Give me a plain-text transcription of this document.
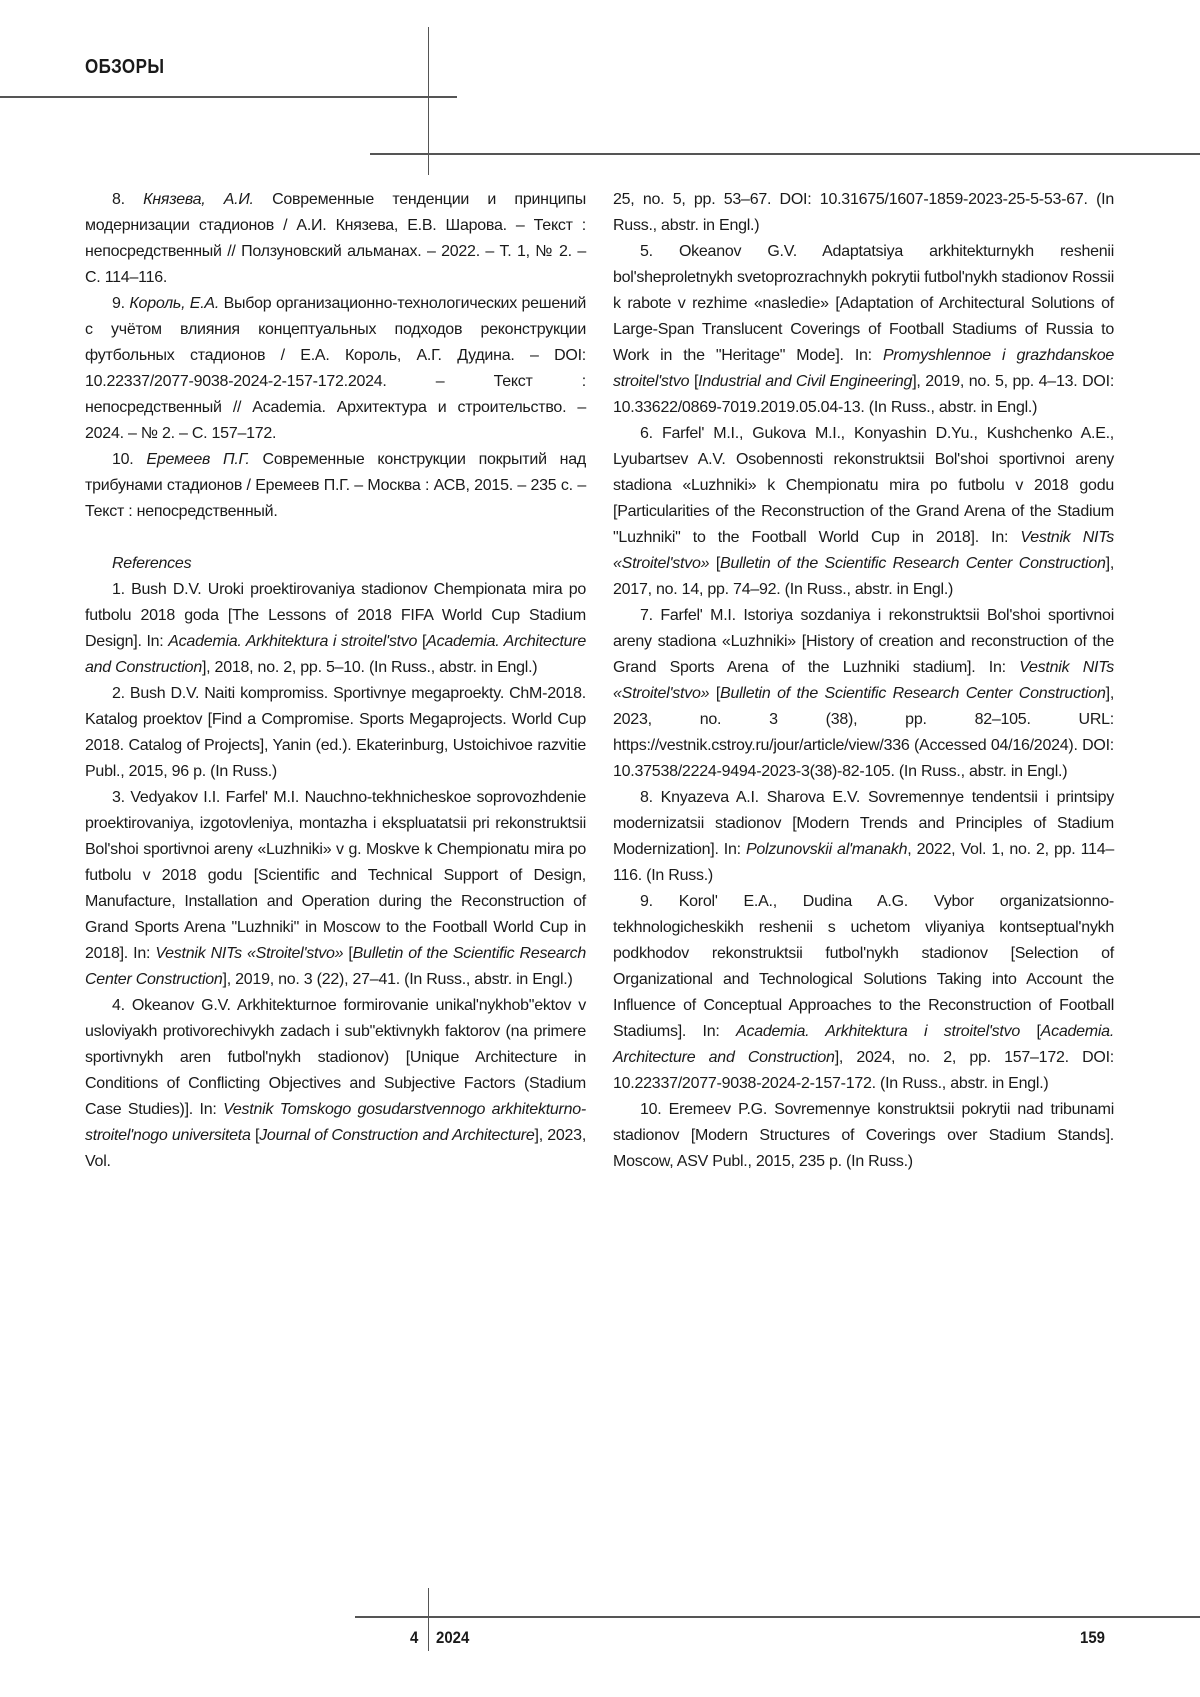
ОБЗОРЫ

8. Князева, А.И. Современные тенденции и принципы модернизации стадионов / А.И. Князева, Е.В. Шарова. – Текст : непосредственный // Ползуновский альманах. – 2022. – Т. 1, № 2. – С. 114–116.

9. Король, Е.А. Выбор организационно-технологических решений с учётом влияния концептуальных подходов реконструкции футбольных стадионов / Е.А. Король, А.Г. Дудина. – DOI: 10.22337/2077-9038-2024-2-157-172.2024. – Текст : непосредственный // Academia. Архитектура и строительство. – 2024. – № 2. – С. 157–172.

10. Еремеев П.Г. Современные конструкции покрытий над трибунами стадионов / Еремеев П.Г. – Москва : АСВ, 2015. – 235 с. – Текст : непосредственный.

References

1. Bush D.V. Uroki proektirovaniya stadionov Chempionata mira po futbolu 2018 goda [The Lessons of 2018 FIFA World Cup Stadium Design]. In: Academia. Arkhitektura i stroitel'stvo [Academia. Architecture and Construction], 2018, no. 2, pp. 5–10. (In Russ., abstr. in Engl.)

2. Bush D.V. Naiti kompromiss. Sportivnye megaproekty. ChM-2018. Katalog proektov [Find a Compromise. Sports Megaprojects. World Cup 2018. Catalog of Projects], Yanin (ed.). Ekaterinburg, Ustoichivoe razvitie Publ., 2015, 96 p. (In Russ.)

3. Vedyakov I.I. Farfel' M.I. Nauchno-tekhnicheskoe soprovozhdenie proektirovaniya, izgotovleniya, montazha i ekspluatatsii pri rekonstruktsii Bol'shoi sportivnoi areny «Luzhniki» v g. Moskve k Chempionatu mira po futbolu v 2018 godu [Scientific and Technical Support of Design, Manufacture, Installation and Operation during the Reconstruction of Grand Sports Arena "Luzhniki" in Moscow to the Football World Cup in 2018]. In: Vestnik NITs «Stroitel'stvo» [Bulletin of the Scientific Research Center Construction], 2019, no. 3 (22), 27–41. (In Russ., abstr. in Engl.)

4. Okeanov G.V. Arkhitekturnoe formirovanie unikal'nykhob"ektov v usloviyakh protivorechivykh zadach i sub"ektivnykh faktorov (na primere sportivnykh aren futbol'nykh stadionov) [Unique Architecture in Conditions of Conflicting Objectives and Subjective Factors (Stadium Case Studies)]. In: Vestnik Tomskogo gosudarstvennogo arkhitekturno-stroitel'nogo universiteta [Journal of Construction and Architecture], 2023, Vol.

25, no. 5, pp. 53–67. DOI: 10.31675/1607-1859-2023-25-5-53-67. (In Russ., abstr. in Engl.)

5. Okeanov G.V. Adaptatsiya arkhitekturnykh reshenii bol'sheproletnykh svetoprozrachnykh pokrytii futbol'nykh stadionov Rossii k rabote v rezhime «nasledie» [Adaptation of Architectural Solutions of Large-Span Translucent Coverings of Football Stadiums of Russia to Work in the "Heritage" Mode]. In: Promyshlennoe i grazhdanskoe stroitel'stvo [Industrial and Civil Engineering], 2019, no. 5, pp. 4–13. DOI: 10.33622/0869-7019.2019.05.04-13. (In Russ., abstr. in Engl.)

6. Farfel' M.I., Gukova M.I., Konyashin D.Yu., Kushchenko A.E., Lyubartsev A.V. Osobennosti rekonstruktsii Bol'shoi sportivnoi areny stadiona «Luzhniki» k Chempionatu mira po futbolu v 2018 godu [Particularities of the Reconstruction of the Grand Arena of the Stadium "Luzhniki" to the Football World Cup in 2018]. In: Vestnik NITs «Stroitel'stvo» [Bulletin of the Scientific Research Center Construction], 2017, no. 14, pp. 74–92. (In Russ., abstr. in Engl.)

7. Farfel' M.I. Istoriya sozdaniya i rekonstruktsii Bol'shoi sportivnoi areny stadiona «Luzhniki» [History of creation and reconstruction of the Grand Sports Arena of the Luzhniki stadium]. In: Vestnik NITs «Stroitel'stvo» [Bulletin of the Scientific Research Center Construction], 2023, no. 3 (38), pp. 82–105. URL: https://vestnik.cstroy.ru/jour/article/view/336 (Accessed 04/16/2024). DOI: 10.37538/2224-9494-2023-3(38)-82-105. (In Russ., abstr. in Engl.)

8. Knyazeva A.I. Sharova E.V. Sovremennye tendentsii i printsipy modernizatsii stadionov [Modern Trends and Principles of Stadium Modernization]. In: Polzunovskii al'manakh, 2022, Vol. 1, no. 2, pp. 114–116. (In Russ.)

9. Korol' E.A., Dudina A.G. Vybor organizatsionno-tekhnologicheskikh reshenii s uchetom vliyaniya kontseptual'nykh podkhodov rekonstruktsii futbol'nykh stadionov [Selection of Organizational and Technological Solutions Taking into Account the Influence of Conceptual Approaches to the Reconstruction of Football Stadiums]. In: Academia. Arkhitektura i stroitel'stvo [Academia. Architecture and Construction], 2024, no. 2, pp. 157–172. DOI: 10.22337/2077-9038-2024-2-157-172. (In Russ., abstr. in Engl.)

10. Eremeev P.G. Sovremennye konstruktsii pokrytii nad tribunami stadionov [Modern Structures of Coverings over Stadium Stands]. Moscow, ASV Publ., 2015, 235 p. (In Russ.)

4 2024	159
